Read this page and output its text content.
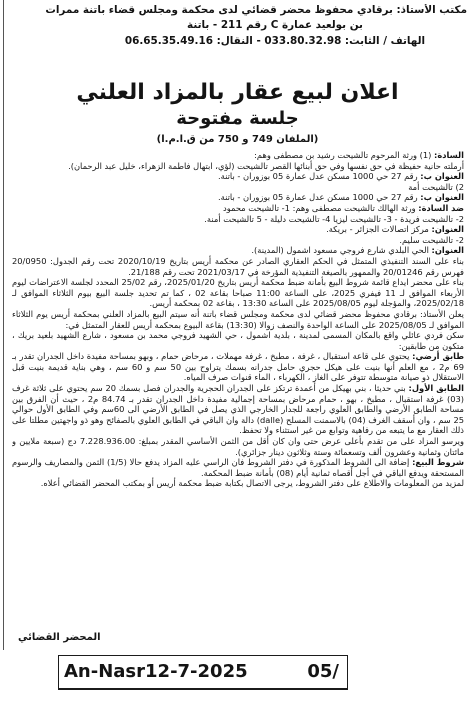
مكتب الأستاذ: برقادي محفوظ محضر قضائي لدى محكمة ومجلس قضاء باتنة ممرات
بن بولعيد عمارة C رقم 211 - باتنة
الهاتف / الثابت: 033.80.32.98 - النقال: 06.65.35.49.16
اعلان لبيع عقار بالمزاد العلني
جلسة مفتوحة
(الملفان 749 و 750 من ق.ا.م.ا)

السادة: (1) ورثة المرحوم تالشيحت رشيد بن مصطفى وهم:

أرملته حانية حفيظة في حق نفسها وفي حق أبنائها القصر تالشيحت (لؤي، ابتهال فاطمة الزهراء، خليل عبد الرحمان).

العنوان ب: رقم 27 حي 1000 مسكن عدل عمارة 05 بوزوران - باتنة.

2) تالشيحت أمة

العنوان ب: رقم 27 حي 1000 مسكن عدل عمارة 05 بوزوران - باتنة.

ضد السادة: ورثة الهالك تالشيحت مصطفى وهم: 1- تالشيحت محمود

2- تالشيحت فريدة - 3- تالشيحت ليزيا 4- تالشيحت دليلة - 5 تالشيحت أمنة.

العنوان: مركز اتصالات الجزائر - بريكة.

2- تالشيحت سليم.

العنوان: الحي البلدي شارع فروجي مسعود اشمول (المدينة).

بناء على السند التنفيذي المتمثل في الحكم العقاري الصادر عن محكمة أريس بتاريخ 2020/10/19 تحت رقم الجدول: 20/0950 فهرس رقم 20/01246 والممهور بالصيغة التنفيذية المؤرخة في 2021/03/17 تحت رقم 21/188.

بناء على محضر ايداع قائمة شروط البيع بأمانة ضبط محكمة أريس بتاريخ 2025/01/20، رقم 25/02 المحدد لجلسة الاعتراضات ليوم الأربعاء الموافق لـ 11 فيفري 2025، على الساعة 11:00 صباحا بقاعة 02 ، كما تم تحديد جلسة البيع بيوم الثلاثاء الموافق لـ 2025/02/18، والمؤجلة ليوم 2025/08/05 على الساعة 13:30 ، بقاعة 02 بمحكمة أريس.

يعلن الأستاذ: برقادي محفوظ محضر قضائي لدى محكمة ومجلس قضاء باتنة أنه سيتم البيع بالمزاد العلني بمحكمة أريس يوم الثلاثاء الموافق لـ 2025/08/05 على الساعة الواحدة والنصف زوالا (13:30) بقاعة البيوع بمحكمة أريس للعقار المتمثل في:

سكن فردي عائلي واقع بالمكان المسمى لمدينة ، بلدية اشمول ، حي الشهيد فروجي محمد بن مسعود ، شارع الشهيد بلعيد بريك ، متكون من طابقين:

طابق أرضي: يحتوي على قاعة استقبال ، غرفة ، مطبخ ، غرفة مهملات ، مرحاض حمام ، وبهو بمساحة مفيدة داخل الجدران تقدر بـ 69 م2 ، مع العلم أنها بنيت على هيكل حجري حامل جدرانه بسمك يتراوح بين 50 سم و 60 سم ، وهي بناية قديمة بنيت قبل الاستقلال ذو صيانة متوسطة تتوفر على الغاز ، الكهرباء ، الماء قنوات صرف المياه.

الطابق الأول: بني حديثا ، بني بهيكل من أعمدة ترتكز على الجدران الحجرية والجدران فصل بسمك 20 سم يحتوي على ثلاثة غرف (03) غرفة استقبال ، مطبخ ، بهو ، حمام مرحاض بمساحة إجمالية مفيدة داخل الجدران تقدر بـ 84.74 م2 ، حيث أن الفرق بين مساحة الطابق الأرضي والطابق العلوي راجعة للجدار الخارجي الذي يصل في الطابق الأرضي الى 60سم وفي الطابق الأول حوالي 25 سم ، وان أسقف الغرف (04) بالاسمنت المسلح (dalle) دالة وان الباقي في الطابق العلوي بالصفائح وهو ذو واجهتين مطلتا على ذلك العقار مع ما يتبعه من رفاهية وتوابع من غير استثناء ولا تحفظ.

ويرسو المزاد على من تقدم بأعلى عرض حتى وان كان أقل من الثمن الأساسي المقدر بمبلغ: 7.228.936.00 دج (سبعة ملايين و مائتان وثمانية وعشرون ألف وتسعمائة وستة وثلاثون دينار جزائري).

شروط البيع: إضافة الى الشروط المذكورة في دفتر الشروط فان الراسي عليه المزاد يدفع حالا (1/5) الثمن والمصاريف والرسوم المستحقة ويدفع الباقي في أجل أقصاه ثمانية أيام (08) بأمانة ضبط المحكمة.

لمزيد من المعلومات والاطلاع على دفتر الشروط، يرجى الاتصال بكتابة ضبط محكمة أريس أو بمكتب المحضر القضائي أعلاه.

المحضر القضائي
An-Nasr12-7-2025	05/
